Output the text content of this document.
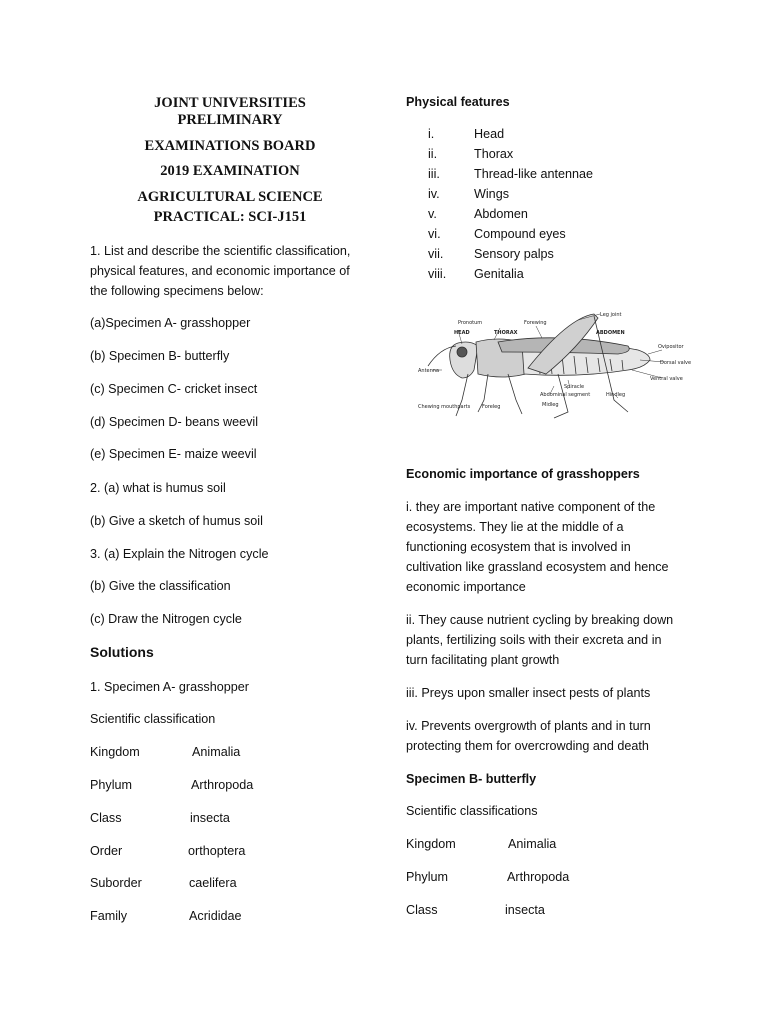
JOINT UNIVERSITIES
PRELIMINARY
EXAMINATIONS BOARD
2019 EXAMINATION
AGRICULTURAL SCIENCE
PRACTICAL: SCI-J151
1. List and describe the scientific classification, physical features, and economic importance of the following specimens below:
(a)Specimen A- grasshopper
(b) Specimen B- butterfly
(c) Specimen C- cricket insect
(d) Specimen D- beans weevil
(e) Specimen E- maize weevil
2. (a) what is humus soil
(b) Give a sketch of humus soil
3. (a) Explain the Nitrogen cycle
(b) Give the classification
(c) Draw the Nitrogen cycle
Solutions
1. Specimen A- grasshopper
Scientific classification
Kingdom	Animalia
Phylum	Arthropoda
Class	insecta
Order	orthoptera
Suborder	caelifera
Family	Acrididae
Physical features
i.	Head
ii.	Thorax
iii.	Thread-like antennae
iv.	Wings
v.	Abdomen
vi.	Compound eyes
vii. Sensory palps
viii. Genitalia
HEAD	THORAX	ABDOMEN
Pronotum	Forewing
Leg joint
Ovipositor
Dorsal valve
Ventral valve
Antenna
Spiracle
Abdominal segment	Hindleg
Chewing mouthparts Foreleg	Midleg
Economic importance of grasshoppers
i. they are important native component of the ecosystems. They lie at the middle of a functioning ecosystem that is involved in cultivation like grassland ecosystem and hence economic importance
ii. They cause nutrient cycling by breaking down plants, fertilizing soils with their excreta and in turn facilitating plant growth
iii. Preys upon smaller insect pests of plants
iv. Prevents overgrowth of plants and in turn protecting them for overcrowding and death
Specimen B- butterfly
Scientific classifications
Kingdom	Animalia
Phylum	Arthropoda
Class	insecta
